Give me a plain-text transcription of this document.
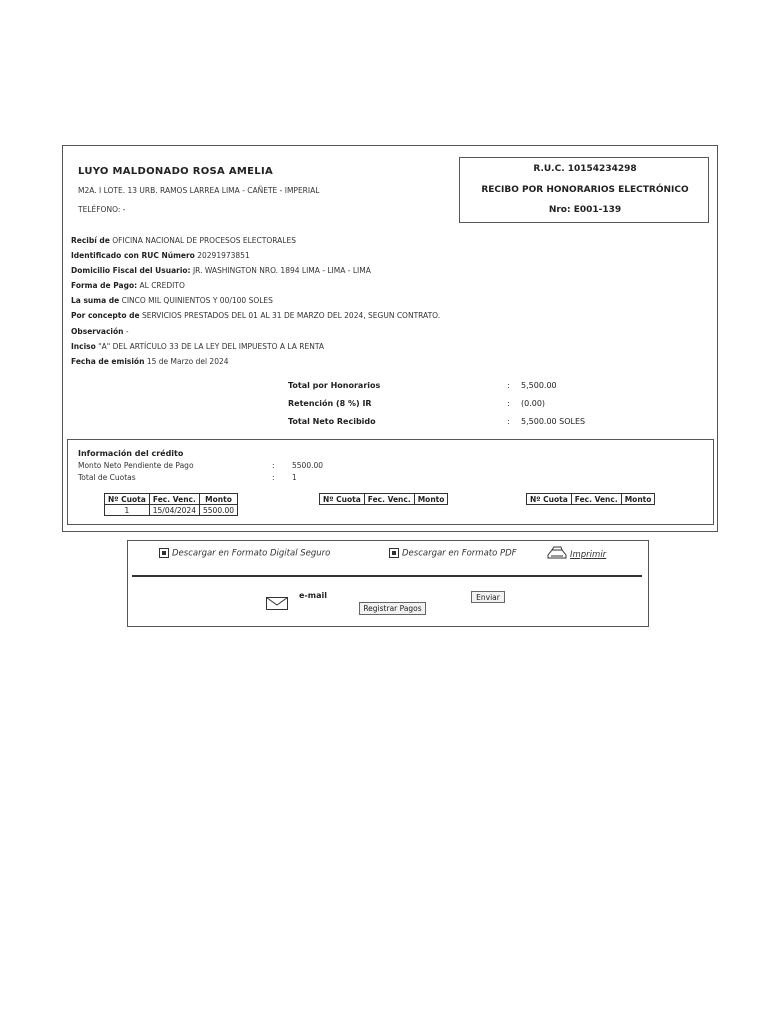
LUYO MALDONADO ROSA AMELIA
M2A. I LOTE. 13 URB. RAMOS LARREA LIMA - CAÑETE - IMPERIAL
TELÉFONO: -
R.U.C. 10154234298
RECIBO POR HONORARIOS ELECTRÓNICO
Nro: E001-139
Recibí de OFICINA NACIONAL DE PROCESOS ELECTORALES
Identificado con RUC Número 20291973851
Domicilio Fiscal del Usuario: JR. WASHINGTON NRO. 1894 LIMA - LIMA - LIMA
Forma de Pago: AL CREDITO
La suma de CINCO MIL QUINIENTOS Y 00/100 SOLES
Por concepto de SERVICIOS PRESTADOS DEL 01 AL 31 DE MARZO DEL 2024, SEGUN CONTRATO.
Observación -
Inciso "A" DEL ARTÍCULO 33 DE LA LEY DEL IMPUESTO A LA RENTA
Fecha de emisión 15 de Marzo del 2024
Total por Honorarios	: 5,500.00
Retención (8 %) IR	: (0.00)
Total Neto Recibido	: 5,500.00 SOLES
Información del crédito
Monto Neto Pendiente de Pago	: 5500.00
Total de Cuotas	: 1
Nº Cuota	Fec. Venc.	Monto
1	15/04/2024	5500.00
Nº Cuota	Fec. Venc.	Monto	Nº Cuota	Fec. Venc.	Monto
Descargar en Formato Digital Seguro	Descargar en Formato PDF	Imprimir
e-mail	Enviar
Registrar Pagos
